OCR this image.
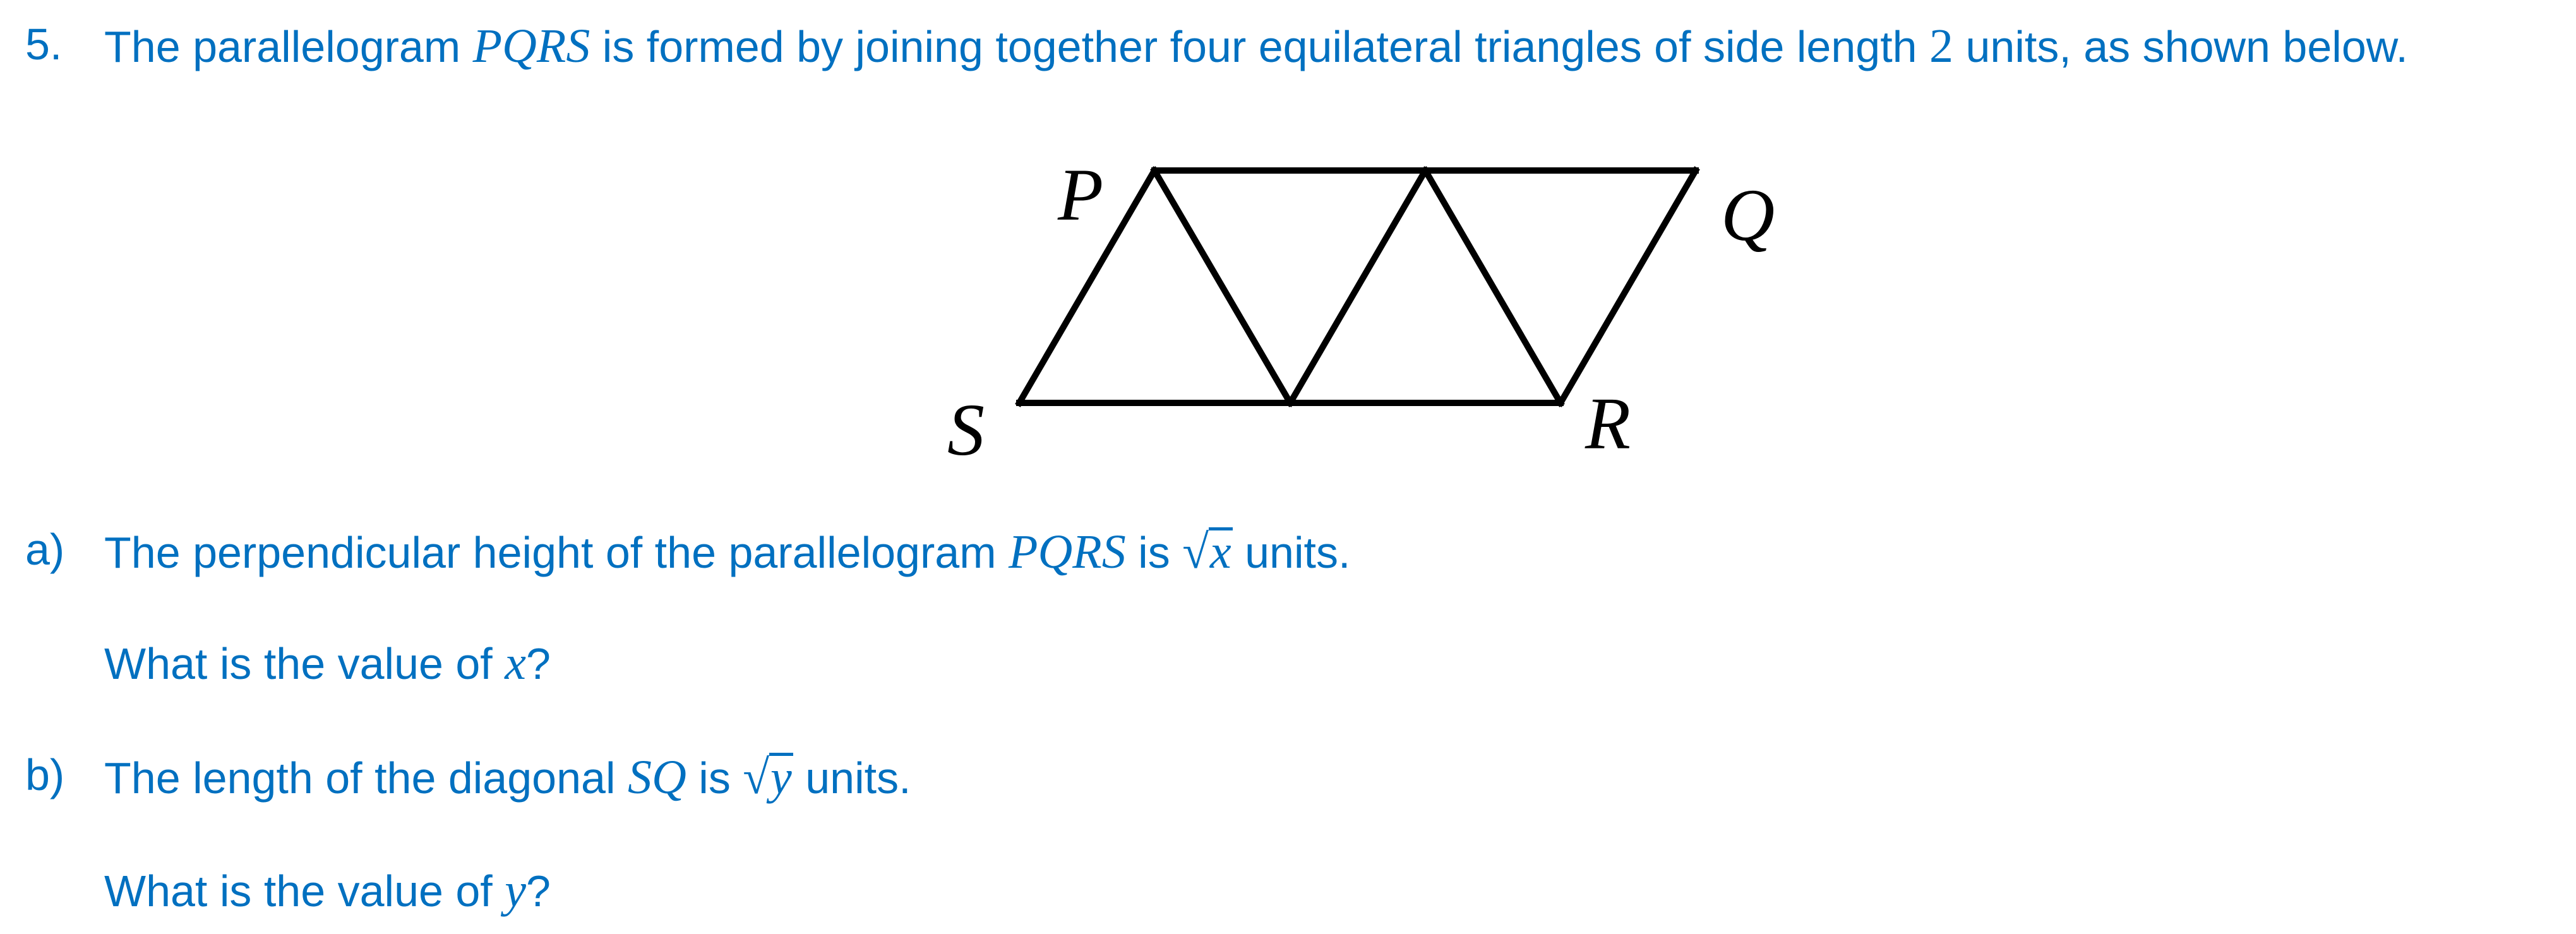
5. The parallelogram PQRS is formed by joining together four equilateral triangles of side length 2 units, as shown below.
P	Q
R
S
a) The perpendicular height of the parallelogram PQRS is √x units.
What is the value of x?
b) The length of the diagonal SQ is √y units.
What is the value of y?
